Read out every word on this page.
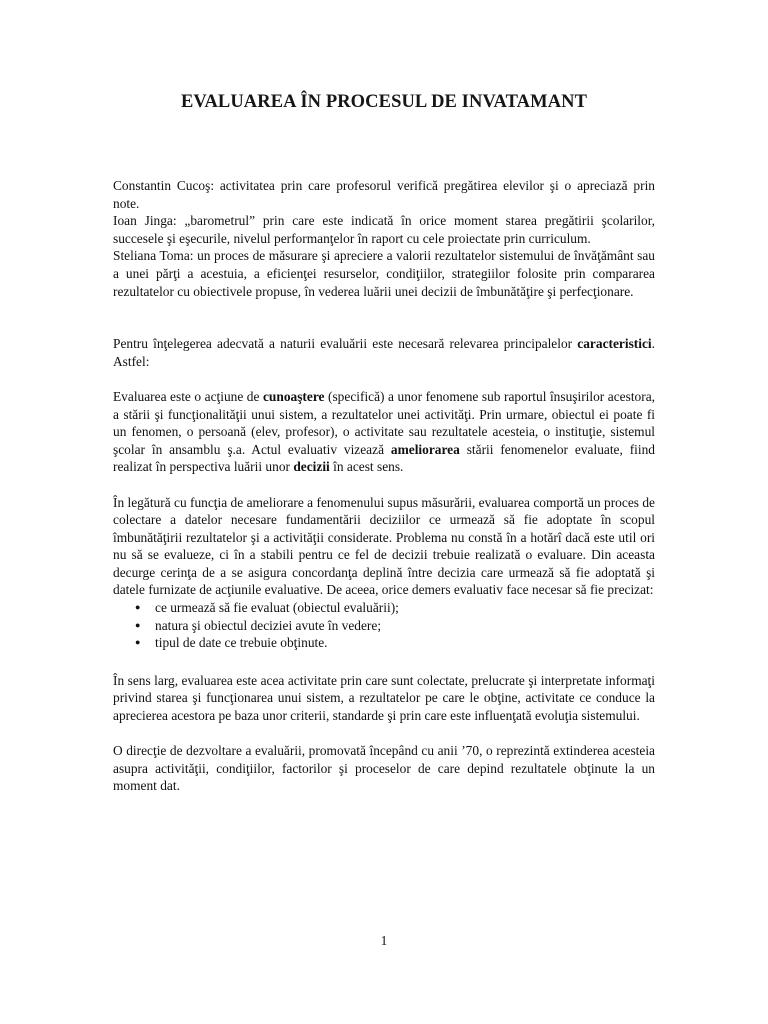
EVALUAREA ÎN PROCESUL DE INVATAMANT

Constantin Cucoş: activitatea prin care profesorul verifică pregătirea elevilor şi o apreciază prin note.

Ioan Jinga: „barometrul” prin care este indicată în orice moment starea pregătirii şcolarilor, succesele şi eşecurile, nivelul performanţelor în raport cu cele proiectate prin curriculum.

Steliana Toma: un proces de măsurare şi apreciere a valorii rezultatelor sistemului de învăţământ sau a unei părţi a acestuia, a eficienţei resurselor, condiţiilor, strategiilor folosite prin compararea rezultatelor cu obiectivele propuse, în vederea luării unei decizii de îmbunătăţire şi perfecţionare.

Pentru înţelegerea adecvată a naturii evaluării este necesară relevarea principalelor caracteristici. Astfel:

Evaluarea este o acţiune de cunoaştere (specifică) a unor fenomene sub raportul însuşirilor acestora, a stării şi funcţionalităţii unui sistem, a rezultatelor unei activităţi. Prin urmare, obiectul ei poate fi un fenomen, o persoană (elev, profesor), o activitate sau rezultatele acesteia, o instituţie, sistemul şcolar în ansamblu ş.a. Actul evaluativ vizează ameliorarea stării fenomenelor evaluate, fiind realizat în perspectiva luării unor decizii în acest sens.

În legătură cu funcţia de ameliorare a fenomenului supus măsurării, evaluarea comportă un proces de colectare a datelor necesare fundamentării deciziilor ce urmează să fie adoptate în scopul îmbunătăţirii rezultatelor şi a activităţii considerate. Problema nu constă în a hotărî dacă este util ori nu să se evalueze, ci în a stabili pentru ce fel de decizii trebuie realizată o evaluare. Din aceasta decurge cerinţa de a se asigura concordanţa deplină între decizia care urmează să fie adoptată şi datele furnizate de acţiunile evaluative. De aceea, orice demers evaluativ face necesar să fie precizat:

● ce urmează să fie evaluat (obiectul evaluării);
● natura şi obiectul deciziei avute în vedere;
● tipul de date ce trebuie obţinute.

În sens larg, evaluarea este acea activitate prin care sunt colectate, prelucrate şi interpretate informaţi privind starea şi funcţionarea unui sistem, a rezultatelor pe care le obţine, activitate ce conduce la aprecierea acestora pe baza unor criterii, standarde şi prin care este influenţată evoluţia sistemului.

O direcţie de dezvoltare a evaluării, promovată începând cu anii ’70, o reprezintă extinderea acesteia asupra activităţii, condiţiilor, factorilor şi proceselor de care depind rezultatele obţinute la un moment dat.

1
